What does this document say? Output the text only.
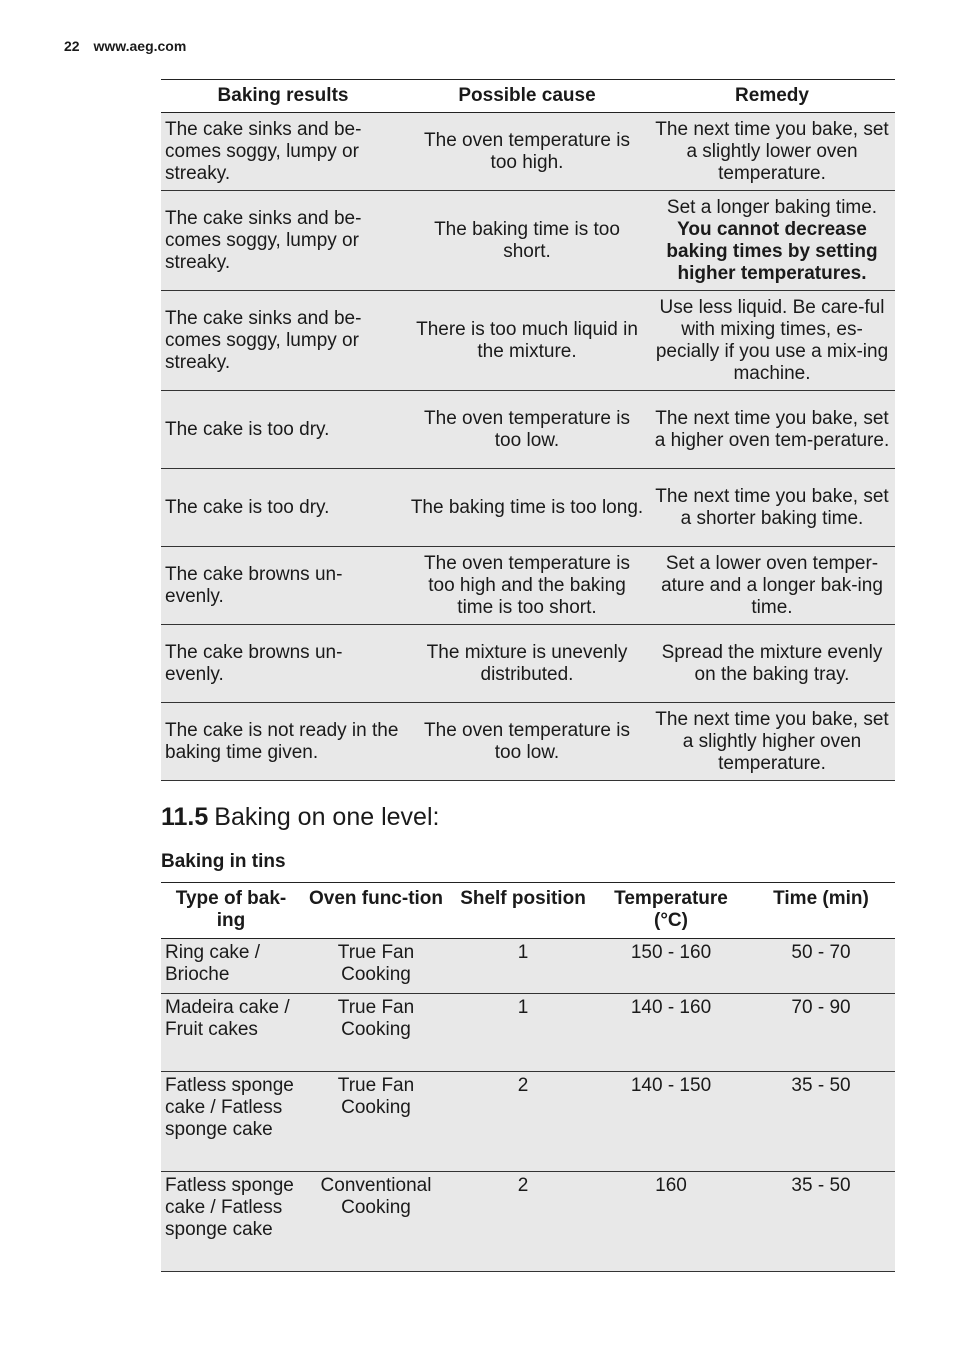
22 www.aeg.com
Baking results	Possible cause	Remedy
The cake sinks and be-comes soggy, lumpy or streaky.	The oven temperature is too high.	The next time you bake, set a slightly lower oven temperature.
The cake sinks and be-comes soggy, lumpy or streaky.	The baking time is too short.	Set a longer baking time. You cannot decrease baking times by setting higher temperatures.
The cake sinks and be-comes soggy, lumpy or streaky.	There is too much liquid in the mixture.	Use less liquid. Be care-ful with mixing times, es-pecially if you use a mix-ing machine.
The cake is too dry.	The oven temperature is too low.	The next time you bake, set a higher oven tem-perature.
The cake is too dry.	The baking time is too long.	The next time you bake, set a shorter baking time.
The cake browns un-evenly.	The oven temperature is too high and the baking time is too short.	Set a lower oven temper-ature and a longer bak-ing time.
The cake browns un-evenly.	The mixture is unevenly distributed.	Spread the mixture evenly on the baking tray.
The cake is not ready in the baking time given.	The oven temperature is too low.	The next time you bake, set a slightly higher oven temperature.
11.5 Baking on one level:
Baking in tins
Type of bak-ing	Oven func-tion	Shelf position	Temperature (°C)	Time (min)
Ring cake / Brioche	True Fan Cooking	1	150 - 160	50 - 70
Madeira cake / Fruit cakes	True Fan Cooking	1	140 - 160	70 - 90
Fatless sponge cake / Fatless sponge cake	True Fan Cooking	2	140 - 150	35 - 50
Fatless sponge cake / Fatless sponge cake	Conventional Cooking	2	160	35 - 50
